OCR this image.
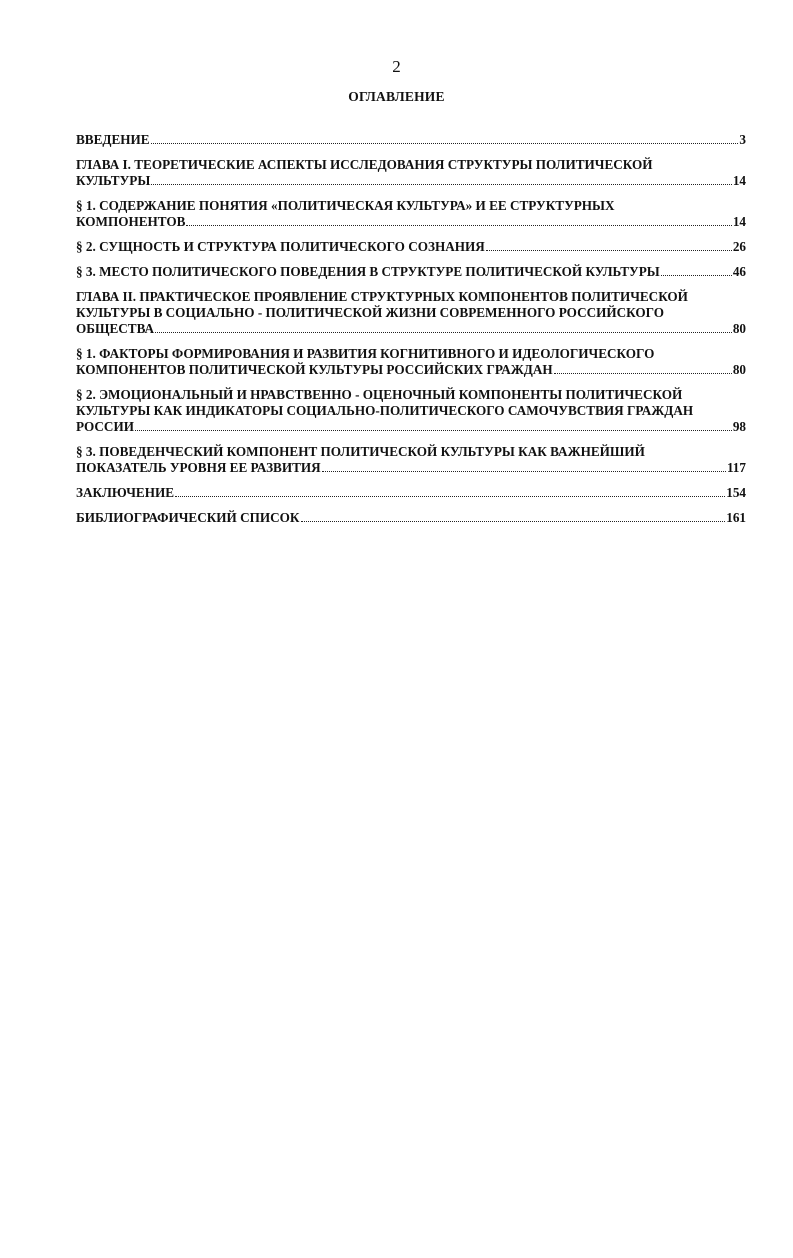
2
ОГЛАВЛЕНИЕ
ВВЕДЕНИЕ	3
ГЛАВА I. ТЕОРЕТИЧЕСКИЕ АСПЕКТЫ ИССЛЕДОВАНИЯ СТРУКТУРЫ ПОЛИТИЧЕСКОЙ
КУЛЬТУРЫ	14
§ 1. СОДЕРЖАНИЕ ПОНЯТИЯ «ПОЛИТИЧЕСКАЯ КУЛЬТУРА» И ЕЕ СТРУКТУРНЫХ
КОМПОНЕНТОВ	14
§ 2. СУЩНОСТЬ И СТРУКТУРА ПОЛИТИЧЕСКОГО СОЗНАНИЯ	26
§ 3. МЕСТО ПОЛИТИЧЕСКОГО ПОВЕДЕНИЯ В СТРУКТУРЕ ПОЛИТИЧЕСКОЙ КУЛЬТУРЫ	46
ГЛАВА II. ПРАКТИЧЕСКОЕ ПРОЯВЛЕНИЕ СТРУКТУРНЫХ КОМПОНЕНТОВ ПОЛИТИЧЕСКОЙ
КУЛЬТУРЫ В СОЦИАЛЬНО - ПОЛИТИЧЕСКОЙ ЖИЗНИ СОВРЕМЕННОГО РОССИЙСКОГО
ОБЩЕСТВА	80
§ 1. ФАКТОРЫ ФОРМИРОВАНИЯ И РАЗВИТИЯ КОГНИТИВНОГО И ИДЕОЛОГИЧЕСКОГО
КОМПОНЕНТОВ ПОЛИТИЧЕСКОЙ КУЛЬТУРЫ РОССИЙСКИХ ГРАЖДАН	80
§ 2. ЭМОЦИОНАЛЬНЫЙ И НРАВСТВЕННО - ОЦЕНОЧНЫЙ КОМПОНЕНТЫ ПОЛИТИЧЕСКОЙ
КУЛЬТУРЫ КАК ИНДИКАТОРЫ СОЦИАЛЬНО-ПОЛИТИЧЕСКОГО САМОЧУВСТВИЯ ГРАЖДАН
РОССИИ	98
§ 3. ПОВЕДЕНЧЕСКИЙ КОМПОНЕНТ ПОЛИТИЧЕСКОЙ КУЛЬТУРЫ КАК ВАЖНЕЙШИЙ
ПОКАЗАТЕЛЬ УРОВНЯ ЕЕ РАЗВИТИЯ	117
ЗАКЛЮЧЕНИЕ	154
БИБЛИОГРАФИЧЕСКИЙ СПИСОК	161
